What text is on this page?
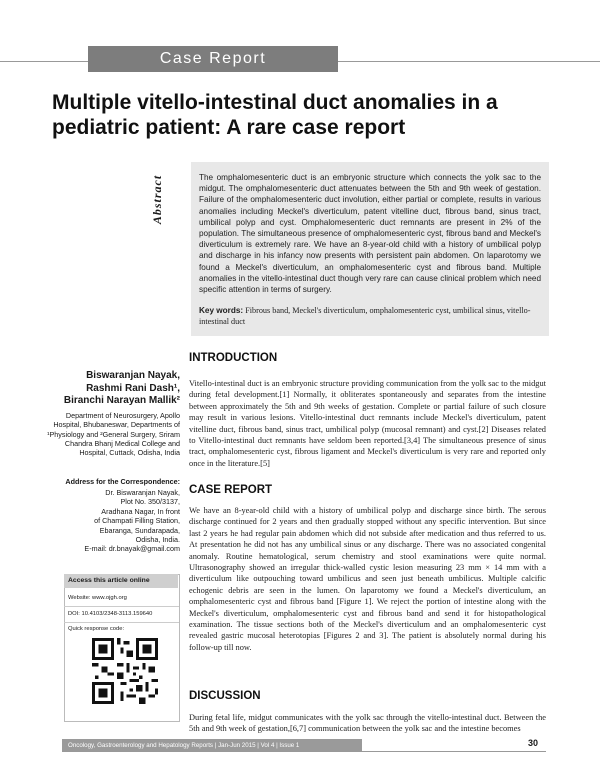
Case Report
Multiple vitello-intestinal duct anomalies in a pediatric patient: A rare case report
Abstract	The omphalomesenteric duct is an embryonic structure which connects the yolk sac to the midgut. The omphalomesenteric duct attenuates between the 5th and 9th week of gestation. Failure of the omphalomesenteric duct involution, either partial or complete, results in various anomalies including Meckel's diverticulum, patent vitelline duct, fibrous band, sinus tract, umbilical polyp and cyst. Omphalomesenteric duct remnants are present in 2% of the population. The simultaneous presence of omphalomesenteric cyst, fibrous band and Meckel's diverticulum is extremely rare. We have an 8-year-old child with a history of umbilical polyp and discharge in his infancy now presents with persistent pain abdomen. On laparotomy we found a Meckel's diverticulum, an omphalomesenteric cyst and fibrous band. Multiple anomalies in the vitello-intestinal duct though very rare can cause clinical problem which need specific attention in terms of surgery.
Key words: Fibrous band, Meckel's diverticulum, omphalomesenteric cyst, umbilical sinus, vitello-intestinal duct
Biswaranjan Nayak,
Rashmi Rani Dash¹,
Biranchi Narayan Mallik²
Department of Neurosurgery, Apollo Hospital, Bhubaneswar, Departments of ¹Physiology and ²General Surgery, Sriram Chandra Bhanj Medical College and Hospital, Cuttack, Odisha, India
Address for the Correspondence:
Dr. Biswaranjan Nayak,
Plot No. 350/3137,
Aradhana Nagar, In front
of Champati Filling Station,
Ebaranga, Sundarapada,
Odisha, India.
E-mail: dr.bnayak@gmail.com
Access this article online
Website: www.ojgh.org
DOI: 10.4103/2348-3113.159640
Quick response code:
INTRODUCTION
Vitello-intestinal duct is an embryonic structure providing communication from the yolk sac to the midgut during fetal development.[1] Normally, it obliterates spontaneously and separates from the intestine between approximately the 5th and 9th weeks of gestation. Complete or partial failure of such closure may result in various lesions. Vitello-intestinal duct remnants include Meckel's diverticulum, patent vitelline duct, fibrous band, sinus tract, umbilical polyp (mucosal remnant) and cyst.[2] Diseases related to Vitello-intestinal duct remnants have seldom been reported.[3,4] The simultaneous presence of sinus tract, omphalomesenteric cyst, fibrous ligament and Meckel's diverticulum is very rare and reported only once in the literature.[5]
CASE REPORT
We have an 8-year-old child with a history of umbilical polyp and discharge since birth. The serous discharge continued for 2 years and then gradually stopped without any specific intervention. But since last 2 years he had regular pain abdomen which did not subside after medication and thus referred to us. At presentation he did not has any umbilical sinus or any discharge. There was no associated congenital anomaly. Routine hematological, serum chemistry and stool examinations were quite normal. Ultrasonography showed an irregular thick-walled cystic lesion measuring 23 mm × 14 mm with a diverticulum like outpouching toward umbilicus and seen just beneath umbilicus. Multiple calcific echogenic debris are seen in the lumen. On laparotomy we found a Meckel's diverticulum, an omphalomesenteric cyst and fibrous band [Figure 1]. We reject the portion of intestine along with the Meckel's diverticulum, omphalomesenteric cyst and fibrous band and send it for histopathological examination. The tissue sections both of the Meckel's diverticulum and an omphalomesenteric cyst revealed gastric mucosal heterotopias [Figures 2 and 3]. The patient is absolutely normal during his follow-up till now.
DISCUSSION
During fetal life, midgut communicates with the yolk sac through the vitello-intestinal duct. Between the 5th and 9th week of gestation,[6,7] communication between the yolk sac and the intestine becomes
Oncology, Gastroenterology and Hepatology Reports | Jan-Jun 2015 | Vol 4 | Issue 1	30
